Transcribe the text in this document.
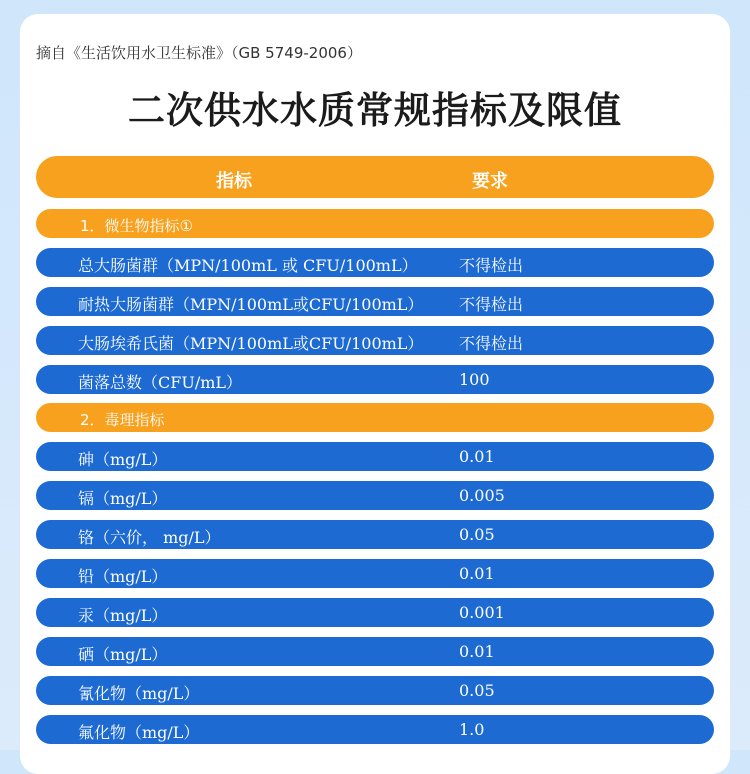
摘自《生活饮用水卫生标准》（GB 5749-2006）
二次供水水质常规指标及限值
指标	要求
1．微生物指标①
总大肠菌群（MPN/100mL 或 CFU/100mL）	不得检出
耐热大肠菌群（MPN/100mL或CFU/100mL） 不得检出
大肠埃希氏菌（MPN/100mL或CFU/100mL） 不得检出
菌落总数（CFU/mL）	100
2．毒理指标
砷（mg/L）	0.01
镉（mg/L）	0.005
铬（六价， mg/L）	0.05
铅（mg/L）	0.01
汞（mg/L）	0.001
硒（mg/L）	0.01
氰化物（mg/L）	0.05
氟化物（mg/L）	1.0
